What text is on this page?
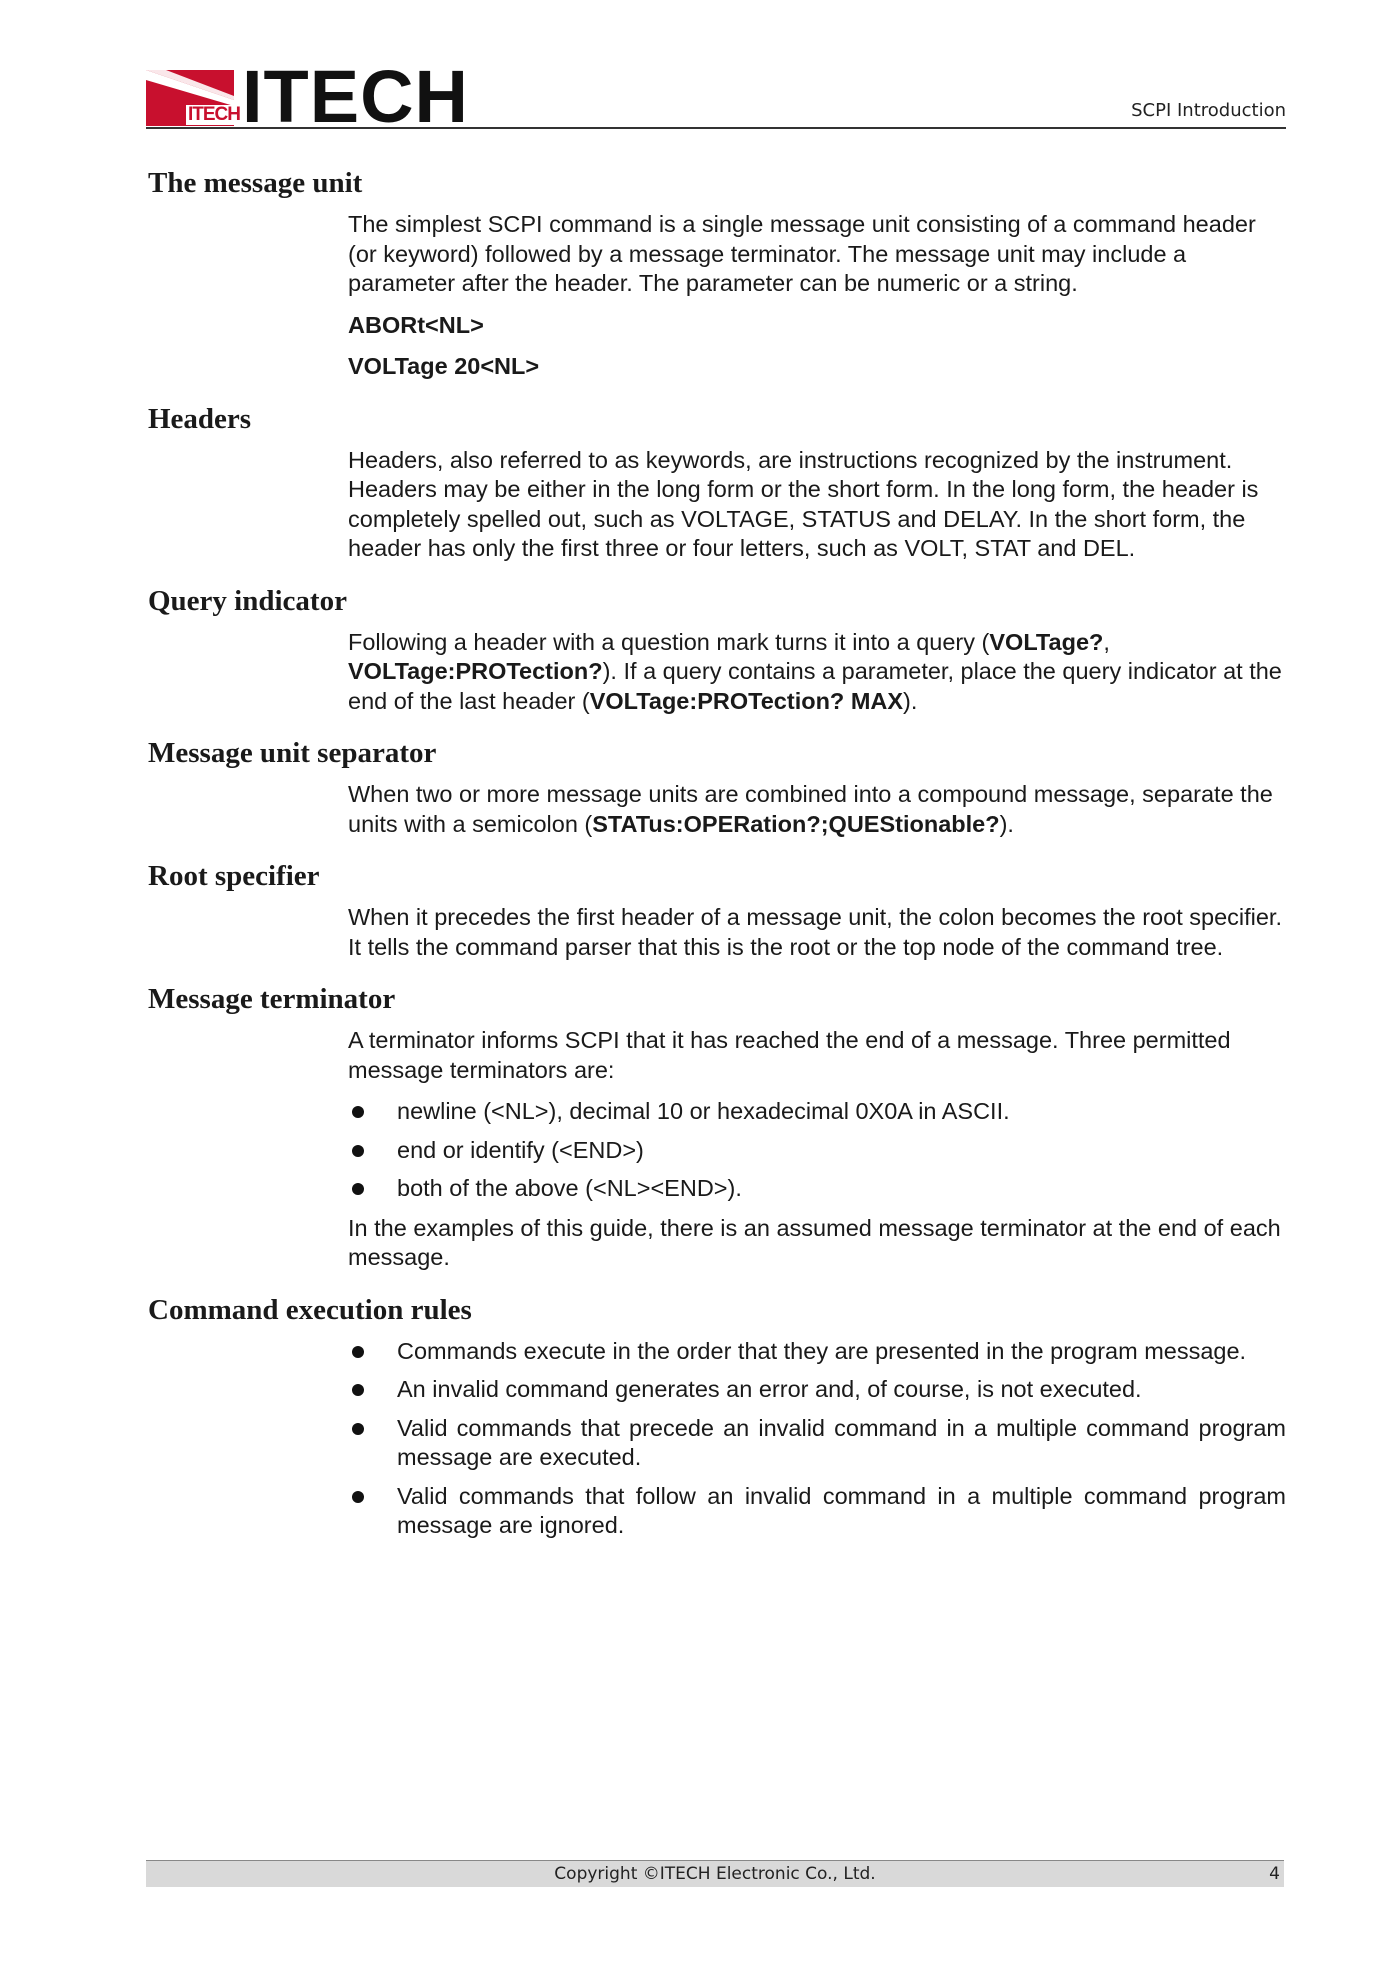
ITECH ITECH	SCPI Introduction
The message unit

The simplest SCPI command is a single message unit consisting of a command header (or keyword) followed by a message terminator. The message unit may include a parameter after the header. The parameter can be numeric or a string.

ABORt<NL>

VOLTage 20<NL>

Headers

Headers, also referred to as keywords, are instructions recognized by the instrument. Headers may be either in the long form or the short form. In the long form, the header is completely spelled out, such as VOLTAGE, STATUS and DELAY. In the short form, the header has only the first three or four letters, such as VOLT, STAT and DEL.

Query indicator

Following a header with a question mark turns it into a query (VOLTage?, VOLTage:PROTection?). If a query contains a parameter, place the query indicator at the end of the last header (VOLTage:PROTection? MAX).

Message unit separator

When two or more message units are combined into a compound message, separate the units with a semicolon (STATus:OPERation?;QUEStionable?).

Root specifier

When it precedes the first header of a message unit, the colon becomes the root specifier. It tells the command parser that this is the root or the top node of the command tree.

Message terminator

A terminator informs SCPI that it has reached the end of a message. Three permitted message terminators are:

newline (<NL>), decimal 10 or hexadecimal 0X0A in ASCII.
end or identify (<END>)
both of the above (<NL><END>).

In the examples of this guide, there is an assumed message terminator at the end of each message.

Command execution rules
Commands execute in the order that they are presented in the program message.
An invalid command generates an error and, of course, is not executed.
Valid commands that precede an invalid command in a multiple command program message are executed.
Valid commands that follow an invalid command in a multiple command program message are ignored.
Copyright ©ITECH Electronic Co., Ltd.	4
